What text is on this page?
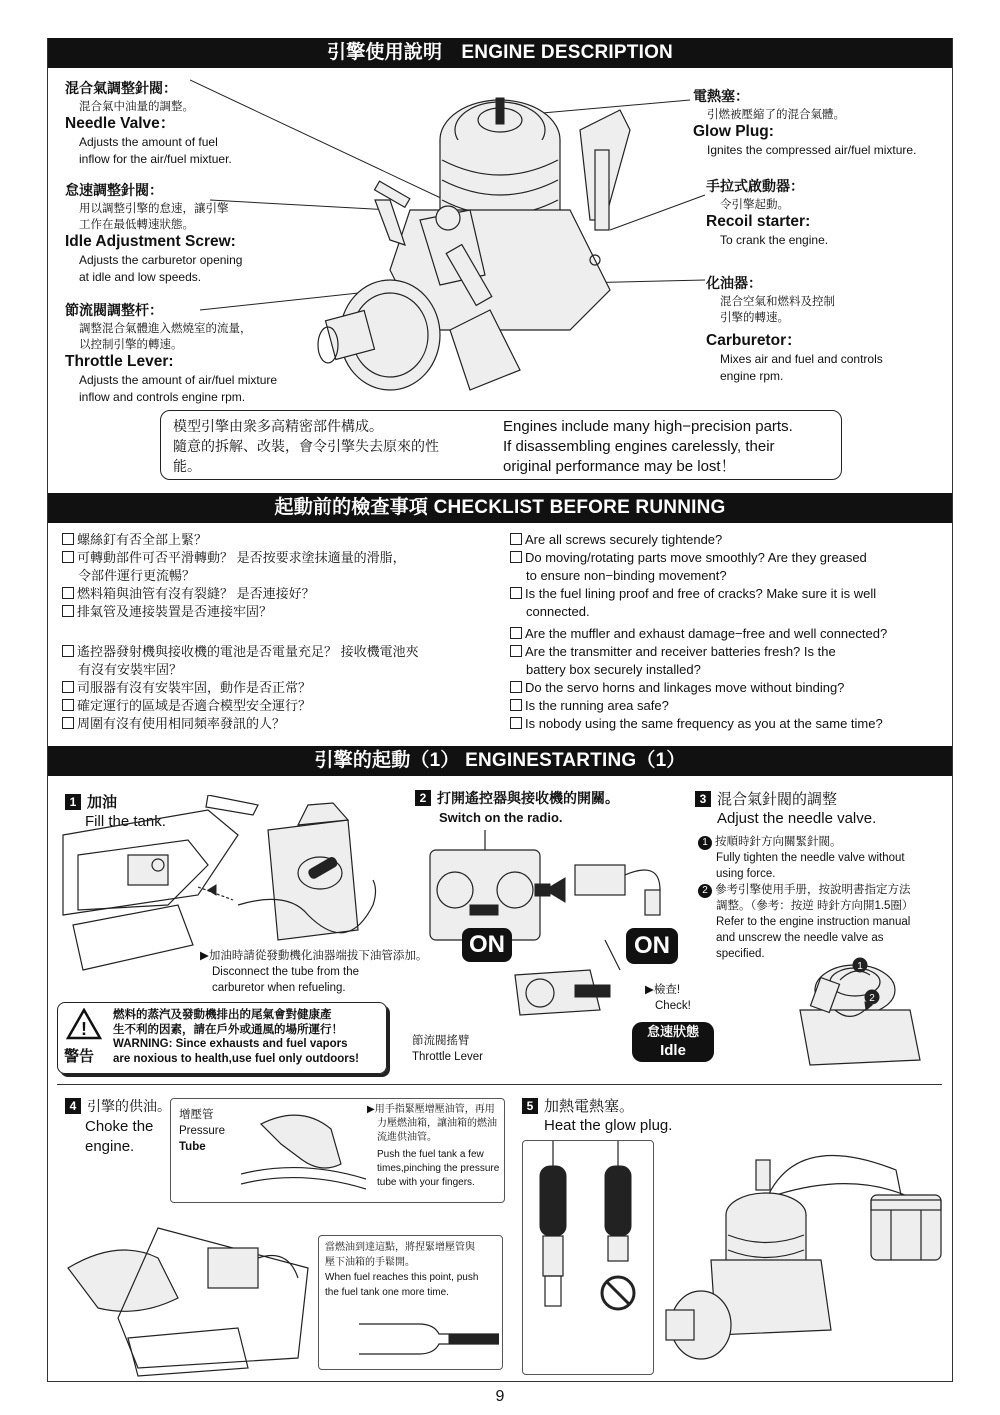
引擎使用說明　ENGINE DESCRIPTION
混合氣調整針閥：
混合氣中油量的調整。
Needle Valve：
Adjusts the amount of fuel
inflow for the air/fuel mixtuer.
怠速調整針閥：
用以調整引擎的怠速，讓引擎
工作在最低轉速狀態。
Idle Adjustment Screw:
Adjusts the carburetor opening
at idle and low speeds.
節流閥調整杆：
調整混合氣體進入燃燒室的流量，
以控制引擎的轉速。
Throttle Lever:
Adjusts the amount of air/fuel mixture
inflow and controls engine rpm.
電熱塞：
引燃被壓縮了的混合氣體。
Glow Plug:
Ignites the compressed air/fuel mixture.
手拉式啟動器：
令引擎起動。
Recoil starter:
To crank the engine.
化油器：
混合空氣和燃料及控制
引擎的轉速。
Carburetor：
Mixes air and fuel and controls
engine rpm.
模型引擎由衆多高精密部件構成。
隨意的拆解、改裝，會令引擎失去原來的性
能。
Engines include many high−precision parts.
If disassembling engines carelessly, their
original performance may be lost！
起動前的檢查事項 CHECKLIST BEFORE RUNNING
螺絲釘有否全部上緊？
可轉動部件可否平滑轉動？ 是否按要求塗抹適量的滑脂，
令部件運行更流暢？
燃料箱與油管有沒有裂縫？ 是否連接好？
排氣管及連接裝置是否連接牢固？
遙控器發射機與接收機的電池是否電量充足？ 接收機電池夾
有沒有安裝牢固？
司服器有沒有安裝牢固，動作是否正常？
確定運行的區域是否適合模型安全運行？
周圍有沒有使用相同頻率發訊的人？
Are all screws securely tightende?
Do moving/rotating parts move smoothly? Are they greased
to ensure non−binding movement?
Is the fuel lining proof and free of cracks? Make sure it is well
connected.
Are the muffler and exhaust damage−free and well connected?
Are the transmitter and receiver batteries fresh? Is the
battery box securely installed?
Do the servo horns and linkages move without binding?
Is the running area safe?
Is nobody using the same frequency as you at the same time?
引擎的起動（1） ENGINESTARTING（1）
1 加油
Fill the tank.
▶加油時請從發動機化油器端拔下油管添加。
Disconnect the tube from the
carburetor when refueling.
!
警告
燃料的蒸汽及發動機排出的尾氣會對健康產
生不利的因素，請在戶外或通風的場所運行！
WARNING: Since exhausts and fuel vapors
are noxious to health,use fuel only outdoors!
2 打開遙控器與接收機的開關。
Switch on the radio.
ON	ON
▶檢查!
Check!
節流閥搖臂
Throttle Lever
怠速狀態
Idle
3 混合氣針閥的調整
Adjust the needle valve.
1 按順時針方向關緊針閥。
Fully tighten the needle valve without
using force.
2 參考引擎使用手册，按說明書指定方法
調整。（參考：按逆 時針方向開1.5圈）
Refer to the engine instruction manual
and unscrew the needle valve as
specified.
1
2
4 引擎的供油。
Choke the
engine.
增壓管
Pressure
Tube
▶用手指緊壓增壓油管，再用
力壓燃油箱，讓油箱的燃油
流進供油管。
Push the fuel tank a few
times,pinching the pressure
tube with your fingers.
當燃油到達這點，將捏緊增壓管與
壓下油箱的手鬆開。
When fuel reaches this point, push
the fuel tank one more time.
5 加熱電熱塞。
Heat the glow plug.
9
